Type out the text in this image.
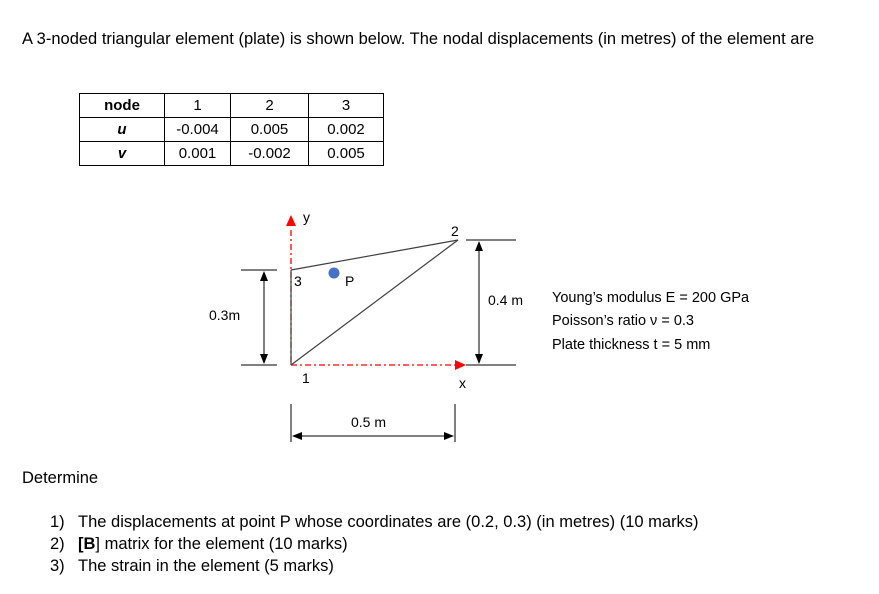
A 3-noded triangular element (plate) is shown below. The nodal displacements (in metres) of the element are
node	1	2	3
u	-0.004	0.005	0.002
v	0.001	-0.002	0.005
y
x
1
2
3	P
0.3m
0.4 m
0.5 m
Young’s modulus E = 200 GPa
Poisson’s ratio ν = 0.3
Plate thickness t = 5 mm
Determine
1) The displacements at point P whose coordinates are (0.2, 0.3) (in metres) (10 marks)
2) [B] matrix for the element (10 marks)
3) The strain in the element (5 marks)
